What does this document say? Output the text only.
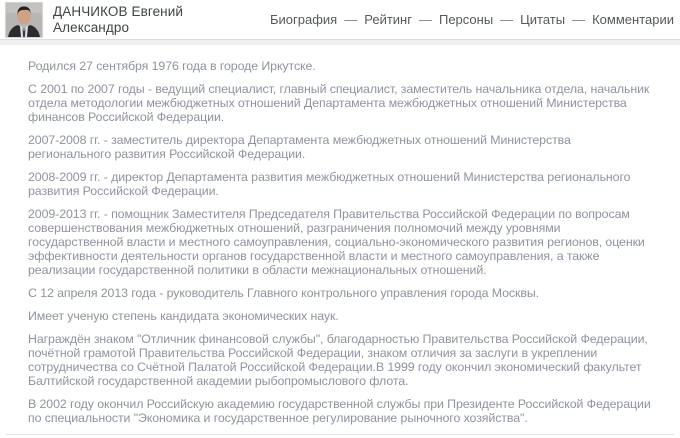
ДАНЧИКОВ Евгений
Александро	Биография — Рейтинг — Персоны — Цитаты — Комментарии

Родился 27 сентября 1976 года в городе Иркутске.

С 2001 по 2007 годы - ведущий специалист, главный специалист, заместитель начальника отдела, начальник отдела методологии межбюджетных отношений Департамента межбюджетных отношений Министерства финансов Российской Федерации.

2007-2008 гг. - заместитель директора Департамента межбюджетных отношений Министерства регионального развития Российской Федерации.

2008-2009 гг. - директор Департамента развития межбюджетных отношений Министерства регионального развития Российской Федерации.

2009-2013 гг. - помощник Заместителя Председателя Правительства Российской Федерации по вопросам совершенствования межбюджетных отношений, разграничения полномочий между уровнями государственной власти и местного самоуправления, социально-экономического развития регионов, оценки эффективности деятельности органов государственной власти и местного самоуправления, а также реализации государственной политики в области межнациональных отношений.

С 12 апреля 2013 года - руководитель Главного контрольного управления города Москвы.

Имеет ученую степень кандидата экономических наук.

Награждён знаком "Отличник финансовой службы", благодарностью Правительства Российской Федерации, почётной грамотой Правительства Российской Федерации, знаком отличия за заслуги в укреплении сотрудничества со Счётной Палатой Российской Федерации.В 1999 году окончил экономический факультет Балтийской государственной академии рыбопромыслового флота.

В 2002 году окончил Российскую академию государственной службы при Президенте Российской Федерации по специальности "Экономика и государственное регулирование рыночного хозяйства".
